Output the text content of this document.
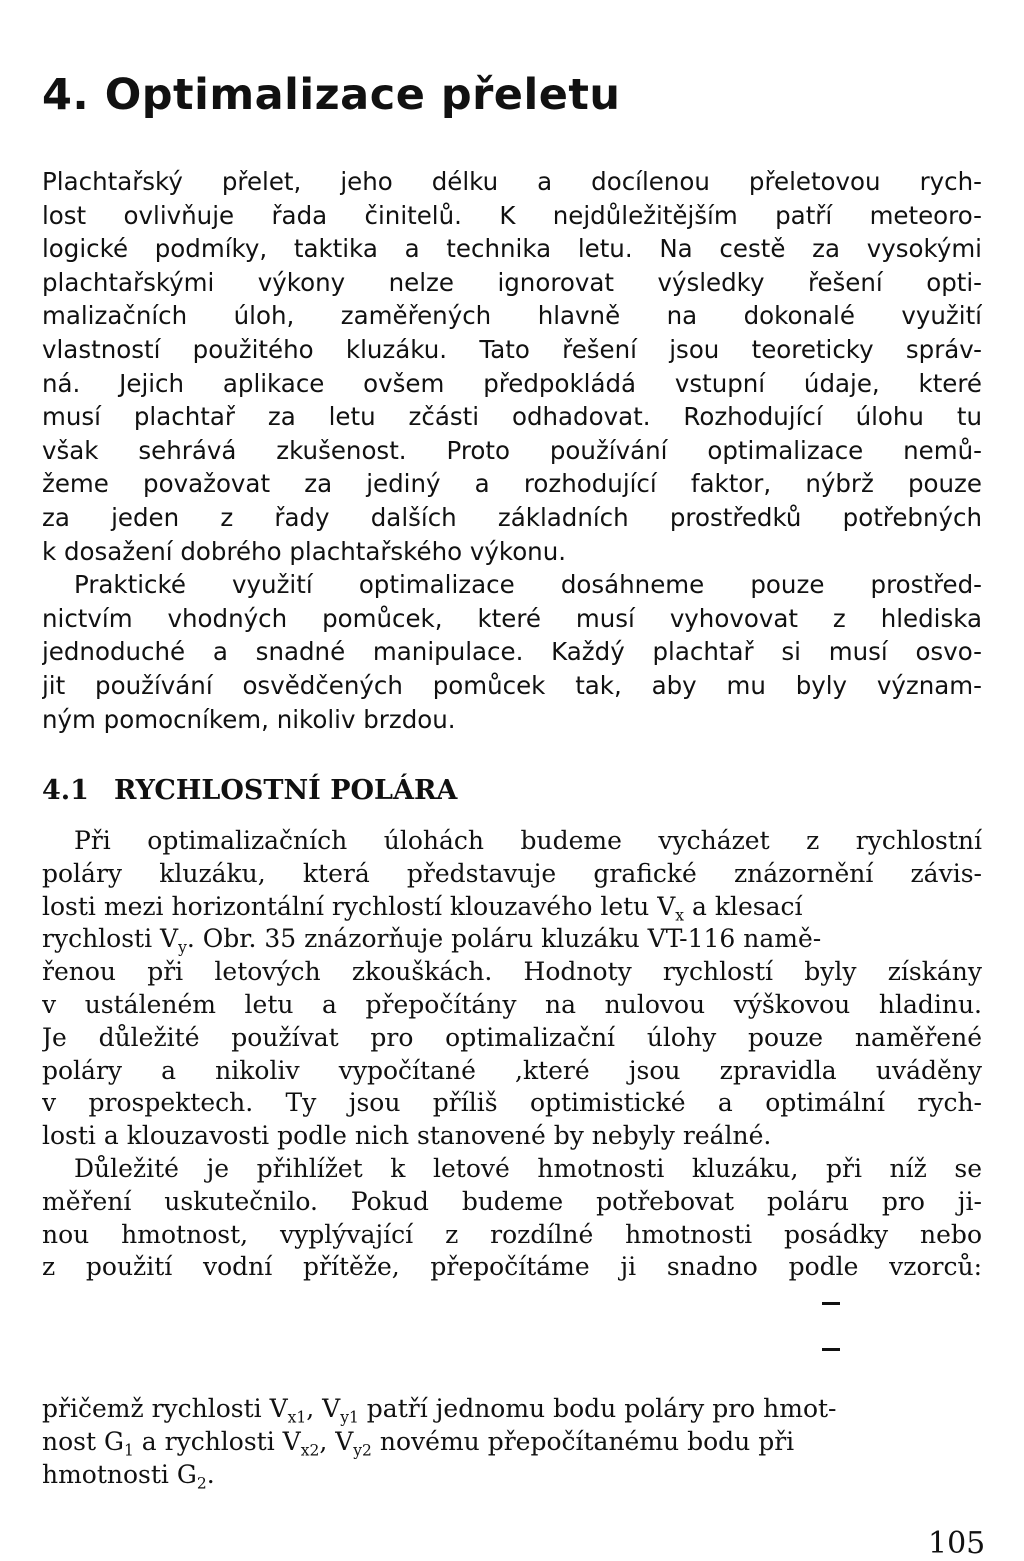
4. Optimalizace přeletu
Plachtařský přelet, jeho délku a docílenou přeletovou rych-
lost ovlivňuje řada činitelů. K nejdůležitějším patří meteoro-
logické podmíky, taktika a technika letu. Na cestě za vysokými
plachtařskými výkony nelze ignorovat výsledky řešení opti-
malizačních úloh, zaměřených hlavně na dokonalé využití
vlastností použitého kluzáku. Tato řešení jsou teoreticky správ-
ná. Jejich aplikace ovšem předpokládá vstupní údaje, které
musí plachtař za letu zčásti odhadovat. Rozhodující úlohu tu
však sehrává zkušenost. Proto používání optimalizace nemů-
žeme považovat za jediný a rozhodující faktor, nýbrž pouze
za jeden z řady dalších základních prostředků potřebných
k dosažení dobrého plachtařského výkonu.
Praktické využití optimalizace dosáhneme pouze prostřed-
nictvím vhodných pomůcek, které musí vyhovovat z hlediska
jednoduché a snadné manipulace. Každý plachtař si musí osvo-
jit používání osvědčených pomůcek tak, aby mu byly význam-
ným pomocníkem, nikoliv brzdou.
4.1 RYCHLOSTNÍ POLÁRA
Při optimalizačních úlohách budeme vycházet z rychlostní
poláry kluzáku, která představuje grafické znázornění závis-
losti mezi horizontální rychlostí klouzavého letu $V_x$ a klesací
rychlosti $V_y$. Obr. 35 znázorňuje poláru kluzáku VT-116 namě-
řenou při letových zkouškách. Hodnoty rychlostí byly získány
v ustáleném letu a přepočítány na nulovou výškovou hladinu.
Je důležité používat pro optimalizační úlohy pouze naměřené
poláry a nikoliv vypočítané ,které jsou zpravidla uváděny
v prospektech. Ty jsou příliš optimistické a optimální rych-
losti a klouzavosti podle nich stanovené by nebyly reálné.
Důležité je přihlížet k letové hmotnosti kluzáku, při níž se
měření uskutečnilo. Pokud budeme potřebovat poláru pro ji-
nou hmotnost, vyplývající z rozdílné hmotnosti posádky nebo
z použití vodní přítěže, přepočítáme ji snadno podle vzorců:
přičemž rychlosti $V_{x1}$, $V_{y1}$ patří jednomu bodu poláry pro hmot-
nost $G_1$ a rychlosti $V_{x2}$, $V_{y2}$ novému přepočítanému bodu při
hmotnosti $G_2$.
105
